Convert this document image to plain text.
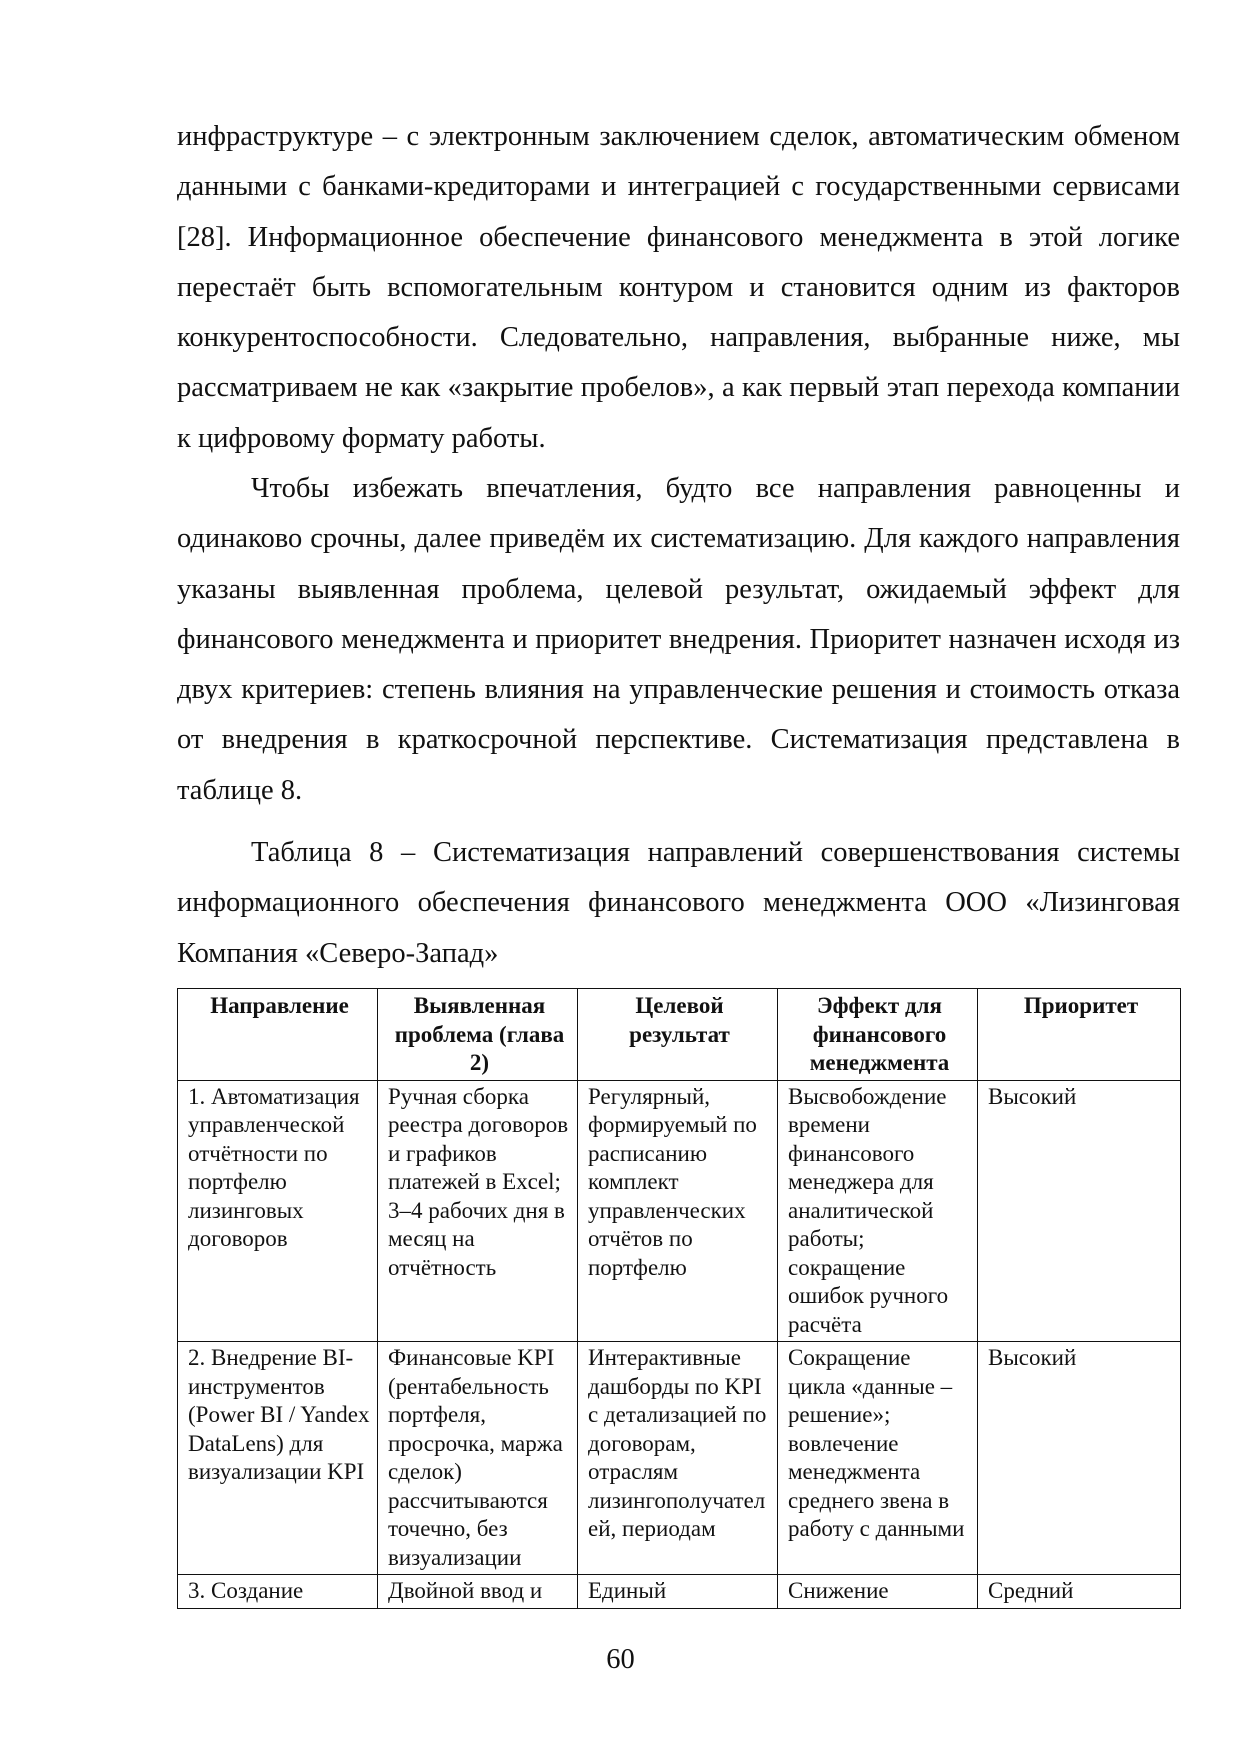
инфраструктуре – с электронным заключением сделок, автоматическим обменом данными с банками-кредиторами и интеграцией с государственными сервисами [28]. Информационное обеспечение финансового менеджмента в этой логике перестаёт быть вспомогательным контуром и становится одним из факторов конкурентоспособности. Следовательно, направления, выбранные ниже, мы рассматриваем не как «закрытие пробелов», а как первый этап перехода компании к цифровому формату работы.

Чтобы избежать впечатления, будто все направления равноценны и одинаково срочны, далее приведём их систематизацию. Для каждого направления указаны выявленная проблема, целевой результат, ожидаемый эффект для финансового менеджмента и приоритет внедрения. Приоритет назначен исходя из двух критериев: степень влияния на управленческие решения и стоимость отказа от внедрения в краткосрочной перспективе. Систематизация представлена в таблице 8.

Таблица 8 – Систематизация направлений совершенствования системы информационного обеспечения финансового менеджмента ООО «Лизинговая Компания «Северо-Запад»

Направление	Выявленная проблема (глава 2)	Целевой результат	Эффект для финансового менеджмента	Приоритет
1. Автоматизация управленческой отчётности по портфелю лизинговых договоров	Ручная сборка реестра договоров и графиков платежей в Excel; 3–4 рабочих дня в месяц на отчётность	Регулярный, формируемый по расписанию комплект управленческих отчётов по портфелю	Высвобождение времени финансового менеджера для аналитической работы; сокращение ошибок ручного расчёта	Высокий
2. Внедрение BI-инструментов (Power BI / Yandex DataLens) для визуализации KPI	Финансовые KPI (рентабельность портфеля, просрочка, маржа сделок) рассчитываются точечно, без визуализации	Интерактивные дашборды по KPI с детализацией по договорам, отраслям лизингополучателей, периодам	Сокращение цикла «данные – решение»; вовлечение менеджмента среднего звена в работу с данными	Высокий
3. Создание	Двойной ввод и	Единый	Снижение	Средний
60
